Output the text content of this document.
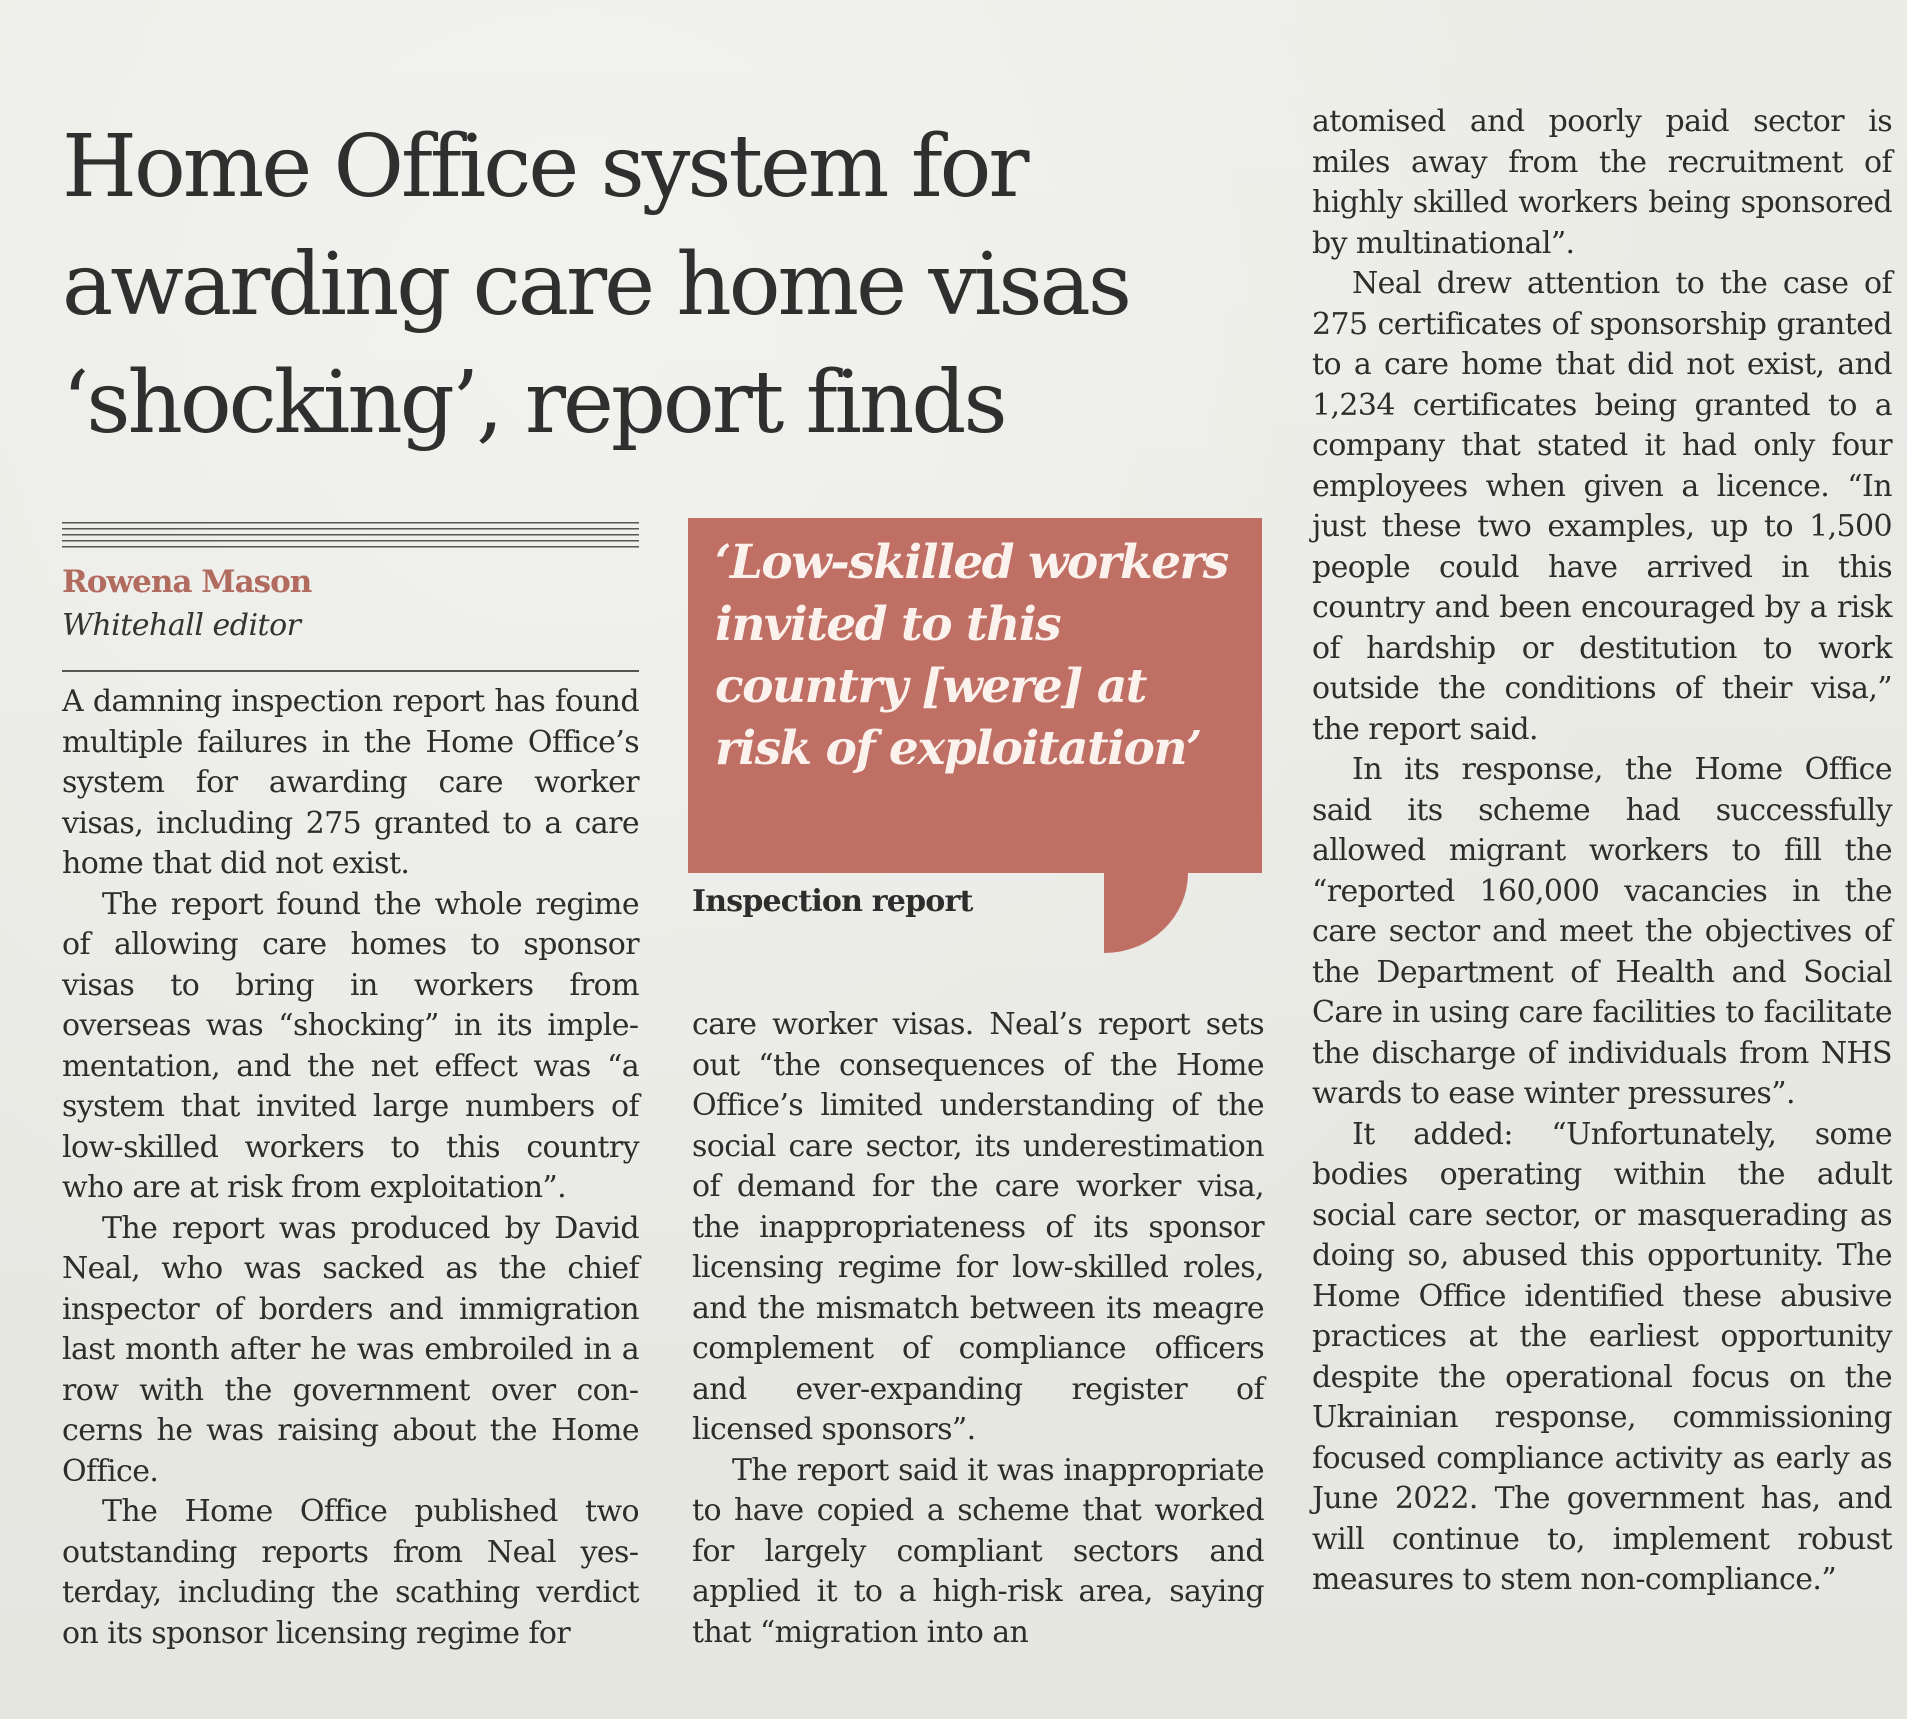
Home Office system for
awarding care home visas
‘shocking’, report finds
Rowena Mason
Whitehall editor

A damning inspection report has found multiple failures in the Home Office’s system for awarding care worker visas, including 275 granted to a care home that did not exist.

The report found the whole regime of allowing care homes to sponsor visas to bring in workers from overseas was “shocking” in its implementation, and the net effect was “a system that invited large numbers of low-skilled workers to this country who are at risk from exploitation”.

The report was produced by David Neal, who was sacked as the chief inspector of borders and immigration last month after he was embroiled in a row with the government over concerns he was raising about the Home Office.

The Home Office published two outstanding reports from Neal yesterday, including the scathing verdict on its sponsor licensing regime for

‘Low-skilled workers
invited to this
country [were] at
risk of exploitation’

Inspection report

care worker visas. Neal’s report sets out “the consequences of the Home Office’s limited understanding of the social care sector, its underestimation of demand for the care worker visa, the inappropriateness of its sponsor licensing regime for low-skilled roles, and the mismatch between its meagre complement of compliance officers and ever-expanding register of licensed sponsors”.

The report said it was inappropriate to have copied a scheme that worked for largely compliant sectors and applied it to a high-risk area, saying that “migration into an

atomised and poorly paid sector is miles away from the recruitment of highly skilled workers being sponsored by multinational”.

Neal drew attention to the case of 275 certificates of sponsorship granted to a care home that did not exist, and 1,234 certificates being granted to a company that stated it had only four employees when given a licence. “In just these two examples, up to 1,500 people could have arrived in this country and been encouraged by a risk of hardship or destitution to work outside the conditions of their visa,” the report said.

In its response, the Home Office said its scheme had successfully allowed migrant workers to fill the “reported 160,000 vacancies in the care sector and meet the objectives of the Department of Health and Social Care in using care facilities to facilitate the discharge of individuals from NHS wards to ease winter pressures”.

It added: “Unfortunately, some bodies operating within the adult social care sector, or masquerading as doing so, abused this opportunity. The Home Office identified these abusive practices at the earliest opportunity despite the operational focus on the Ukrainian response, commissioning focused compliance activity as early as June 2022. The government has, and will continue to, implement robust measures to stem non-compliance.”
